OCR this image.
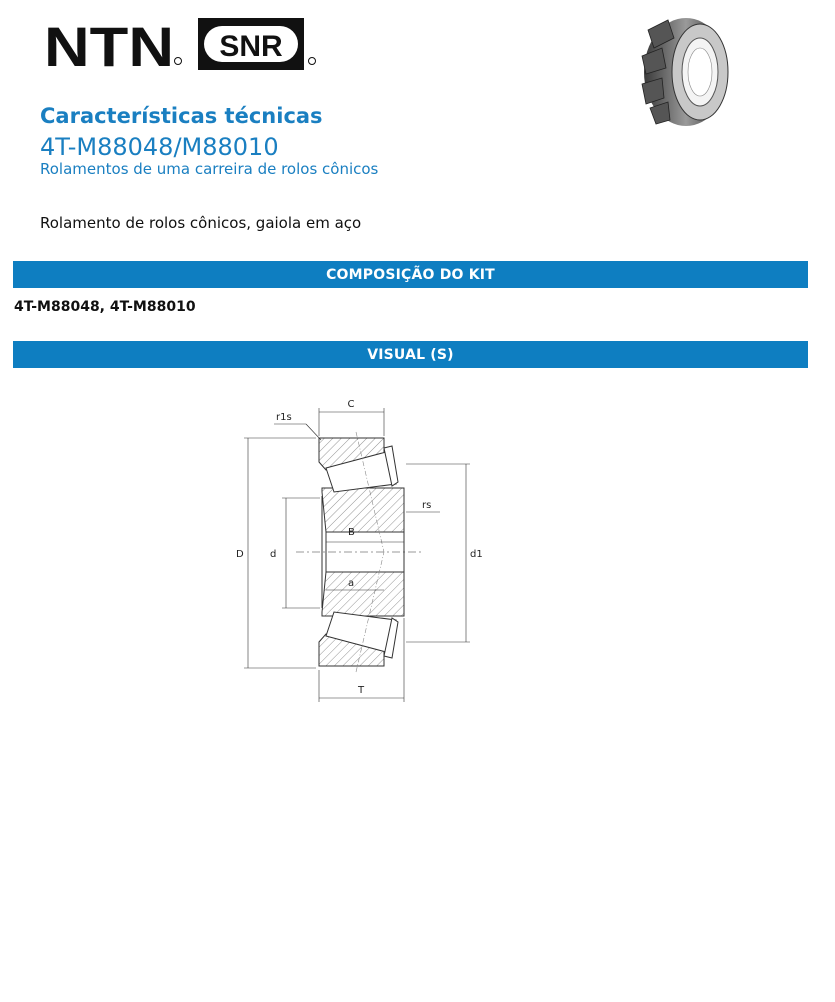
NTN SNR
Características técnicas
4T-M88048/M88010
Rolamentos de uma carreira de rolos cônicos
Rolamento de rolos cônicos, gaiola em aço
COMPOSIÇÃO DO KIT
4T-M88048, 4T-M88010
VISUAL (S)
C
r1s
rs
D	d	d1
B
a
T
